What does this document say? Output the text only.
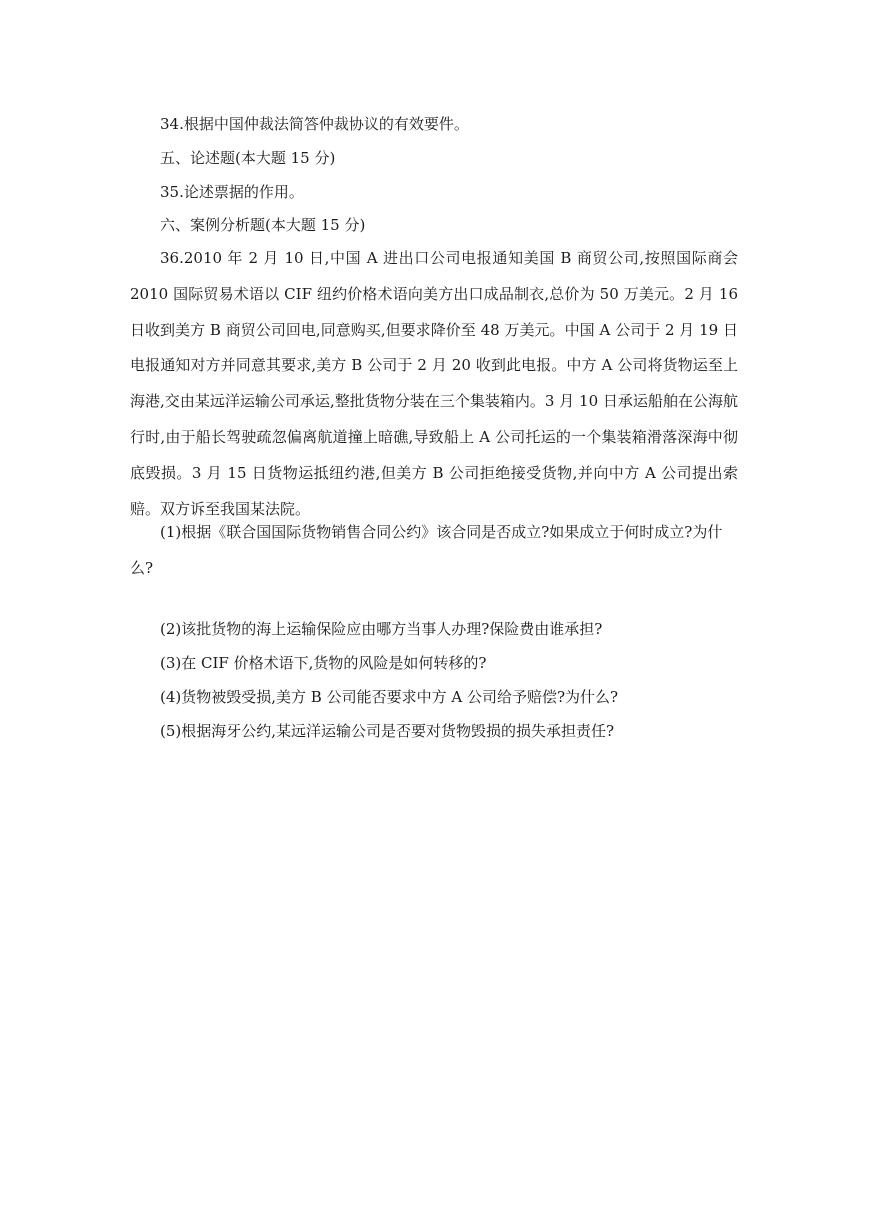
34.根据中国仲裁法简答仲裁协议的有效要件。
五、论述题(本大题 15 分)
35.论述票据的作用。
六、案例分析题(本大题 15 分)
36.2010 年 2 月 10 日,中国 A 进出口公司电报通知美国 B 商贸公司,按照国际商会 2010 国际贸易术语以 CIF 纽约价格术语向美方出口成品制衣,总价为 50 万美元。2 月 16 日收到美方 B 商贸公司回电,同意购买,但要求降价至 48 万美元。中国 A 公司于 2 月 19 日电报通知对方并同意其要求,美方 B 公司于 2 月 20 收到此电报。中方 A 公司将货物运至上海港,交由某远洋运输公司承运,整批货物分装在三个集装箱内。3 月 10 日承运船舶在公海航行时,由于船长驾驶疏忽偏离航道撞上暗礁,导致船上 A 公司托运的一个集装箱滑落深海中彻底毁损。3 月 15 日货物运抵纽约港,但美方 B 公司拒绝接受货物,并向中方 A 公司提出索赔。双方诉至我国某法院。
(1)根据《联合国国际货物销售合同公约》该合同是否成立?如果成立于何时成立?为什么?
(2)该批货物的海上运输保险应由哪方当事人办理?保险费由谁承担?
(3)在 CIF 价格术语下,货物的风险是如何转移的?
(4)货物被毁受损,美方 B 公司能否要求中方 A 公司给予赔偿?为什么?
(5)根据海牙公约,某远洋运输公司是否要对货物毁损的损失承担责任?
